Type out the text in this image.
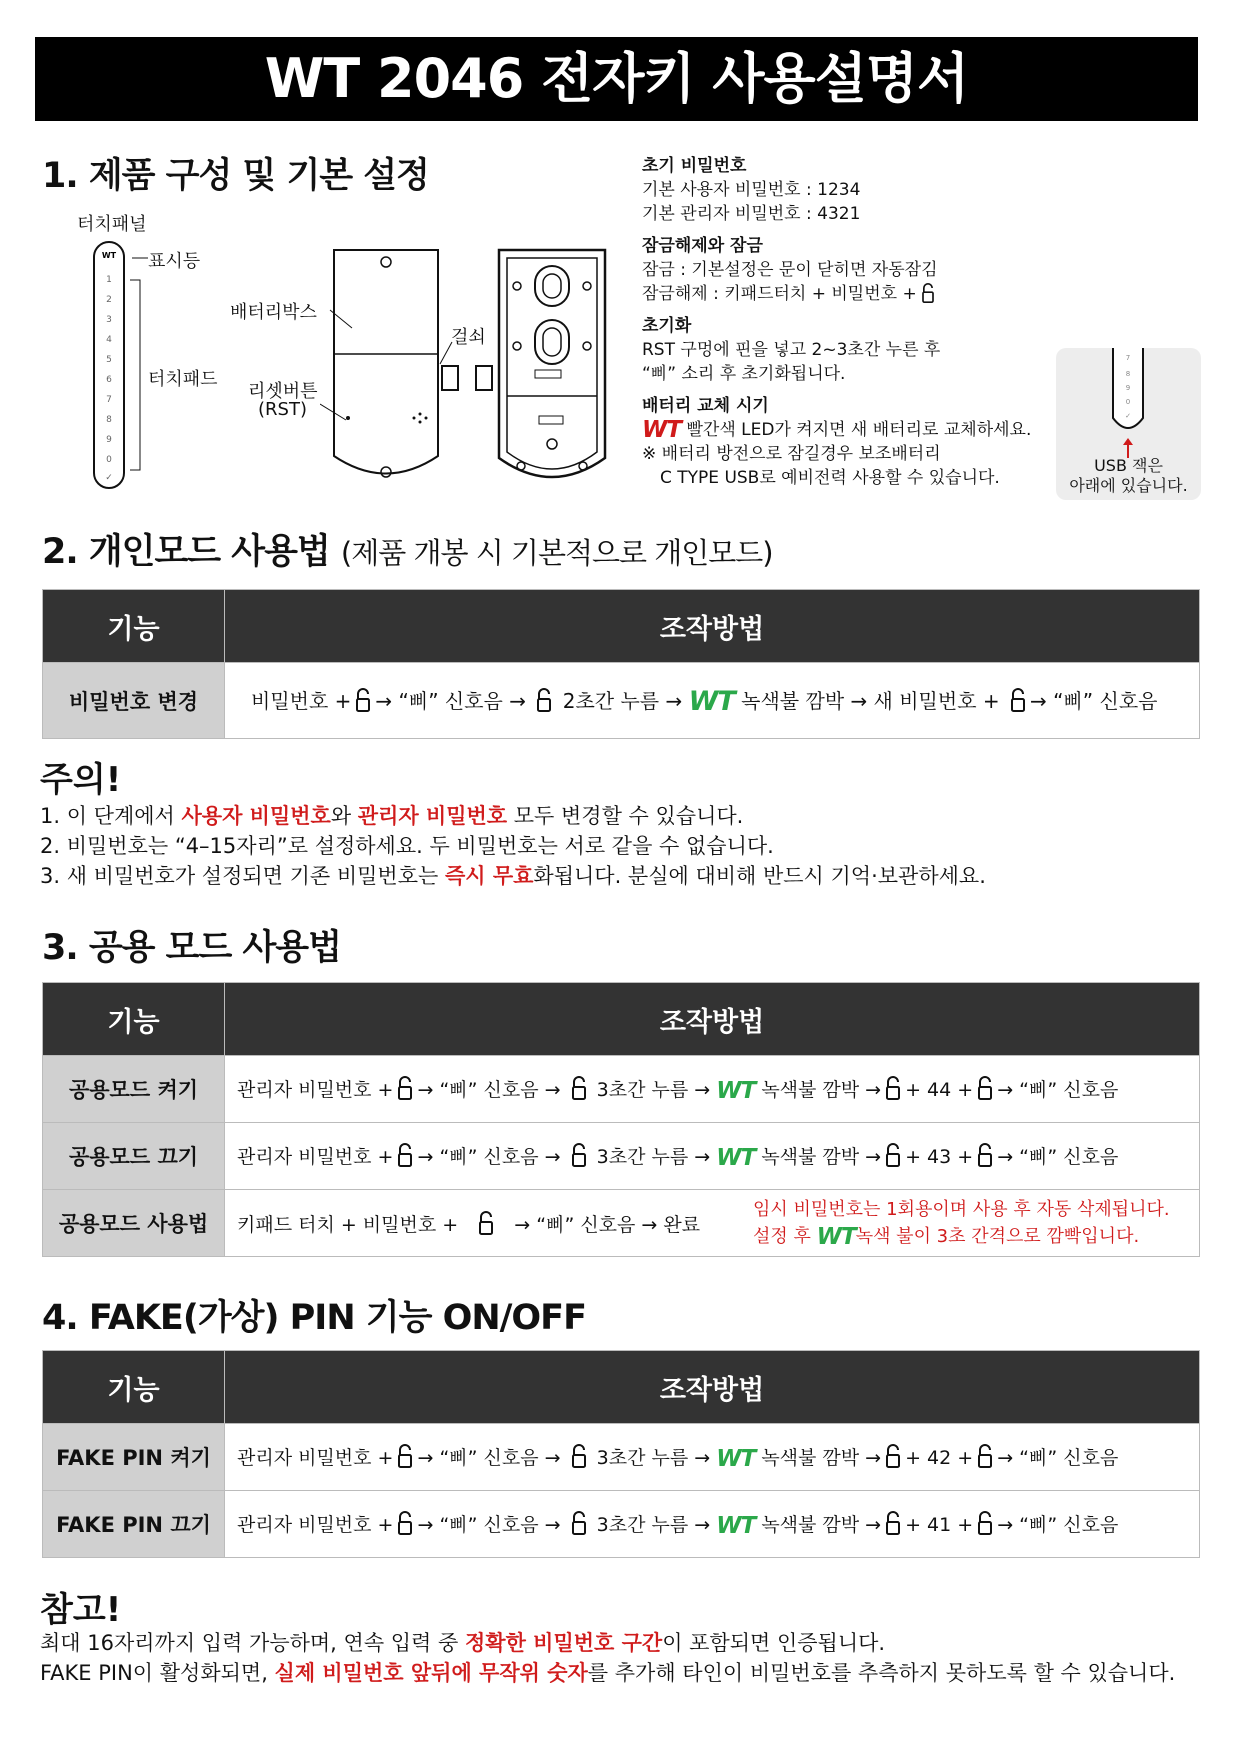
WT 2046 전자키 사용설명서
1. 제품 구성 및 기본 설정
터치패널
표시등
터치패드
배터리박스
걸쇠
리셋버튼
(RST)
WT
1
2
3
4
5
6
7
8
9
0
✓
초기 비밀번호
기본 사용자 비밀번호 : 1234
기본 관리자 비밀번호 : 4321
잠금해제와 잠금
잠금 : 기본설정은 문이 닫히면 자동잠김
잠금해제 : 키패드터치 + 비밀번호 +
초기화
RST 구멍에 핀을 넣고 2~3초간 누른 후
“삐” 소리 후 초기화됩니다.
배터리 교체 시기
WT 빨간색 LED가 켜지면 새 배터리로 교체하세요.
※ 배터리 방전으로 잠길경우 보조배터리
C TYPE USB로 예비전력 사용할 수 있습니다.
7
8
9
0
✓
USB 잭은
아래에 있습니다.
2. 개인모드 사용법 (제품 개봉 시 기본적으로 개인모드)
기능	조작방법
비밀번호 변경	비밀번호 + → “삐” 신호음 → 2초간 누름 → WT 녹색불 깜박 → 새 비밀번호 + → “삐” 신호음
주의!
1. 이 단계에서 사용자 비밀번호와 관리자 비밀번호 모두 변경할 수 있습니다.
2. 비밀번호는 “4–15자리”로 설정하세요. 두 비밀번호는 서로 같을 수 없습니다.
3. 새 비밀번호가 설정되면 기존 비밀번호는 즉시 무효화됩니다. 분실에 대비해 반드시 기억·보관하세요.
3. 공용 모드 사용법
기능	조작방법
공용모드 켜기	관리자 비밀번호 + → “삐” 신호음 → 3초간 누름 → WT 녹색불 깜박 → + 44 + → “삐” 신호음
공용모드 끄기	관리자 비밀번호 + → “삐” 신호음 → 3초간 누름 → WT 녹색불 깜박 → + 43 + → “삐” 신호음
공용모드 사용법	키패드 터치 + 비밀번호 + → “삐” 신호음 → 완료
임시 비밀번호는 1회용이며 사용 후 자동 삭제됩니다.
설정 후 WT녹색 불이 3초 간격으로 깜빡입니다.
4. FAKE(가상) PIN 기능 ON/OFF
기능	조작방법
FAKE PIN 켜기	관리자 비밀번호 + → “삐” 신호음 → 3초간 누름 → WT 녹색불 깜박 → + 42 + → “삐” 신호음
FAKE PIN 끄기	관리자 비밀번호 + → “삐” 신호음 → 3초간 누름 → WT 녹색불 깜박 → + 41 + → “삐” 신호음
참고!
최대 16자리까지 입력 가능하며, 연속 입력 중 정확한 비밀번호 구간이 포함되면 인증됩니다.
FAKE PIN이 활성화되면, 실제 비밀번호 앞뒤에 무작위 숫자를 추가해 타인이 비밀번호를 추측하지 못하도록 할 수 있습니다.
